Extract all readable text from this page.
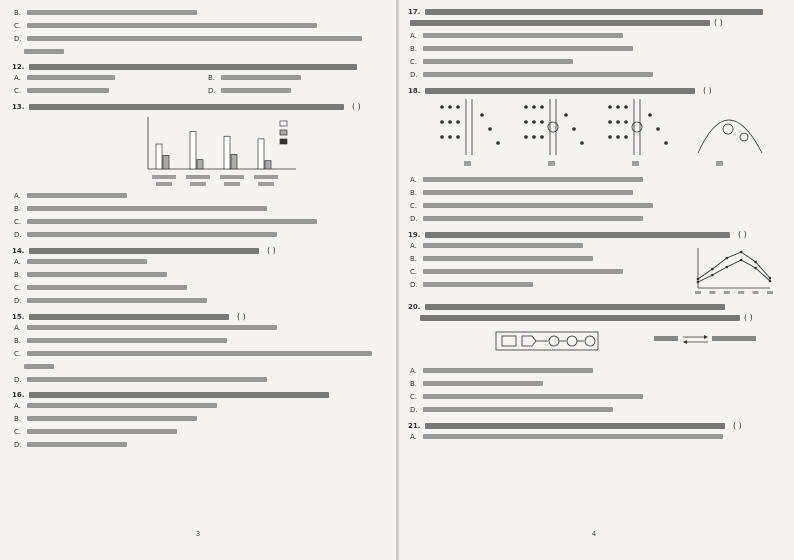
B.
C.
D.
12.
A.	B.
C.	D.
13.	( )
A.
B.
C.
D.
14.	( )
A.
B.
C.
D.
15.	( )
A.
B.
C.
D.
16.
A.
B.
C.
D.
3
17.
( )
A.
B.
C.
D.
18.	( )
A.
B.
C.
D.
19.	( )
A.
B.
C.
D.
20.
( )
A.
B.
C.
D.
21.	( )
A.
4
